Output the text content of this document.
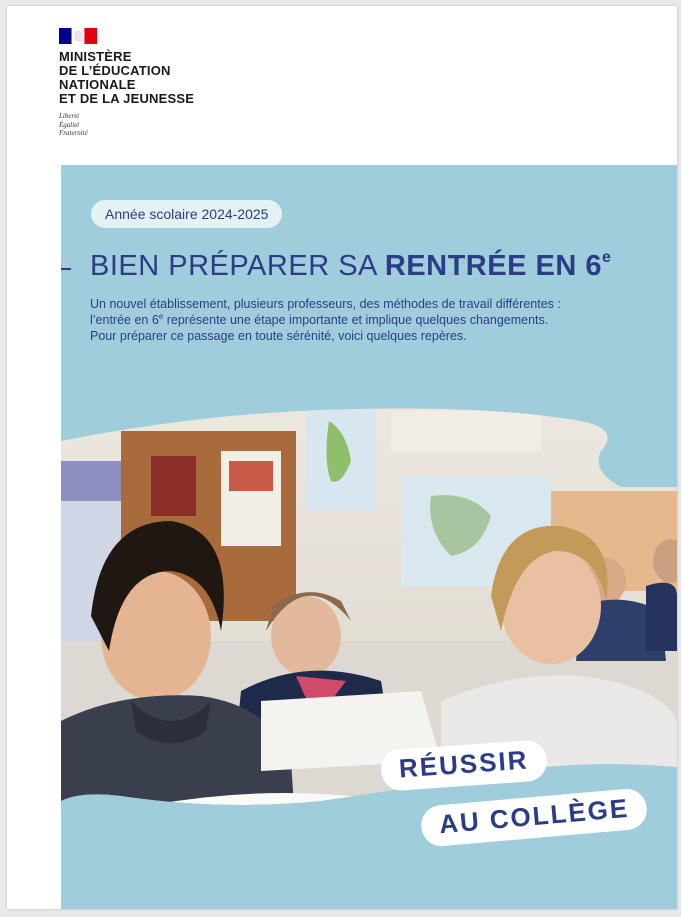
MINISTÈRE
DE L’ÉDUCATION
NATIONALE
ET DE LA JEUNESSE
Liberté
Égalité
Fraternité
Année scolaire 2024-2025
BIEN PRÉPARER SA RENTRÉE EN 6e

Un nouvel établissement, plusieurs professeurs, des méthodes de travail différentes :

l’entrée en 6e représente une étape importante et implique quelques changements.

Pour préparer ce passage en toute sérénité, voici quelques repères.

RÉUSSIR
AU COLLÈGE
